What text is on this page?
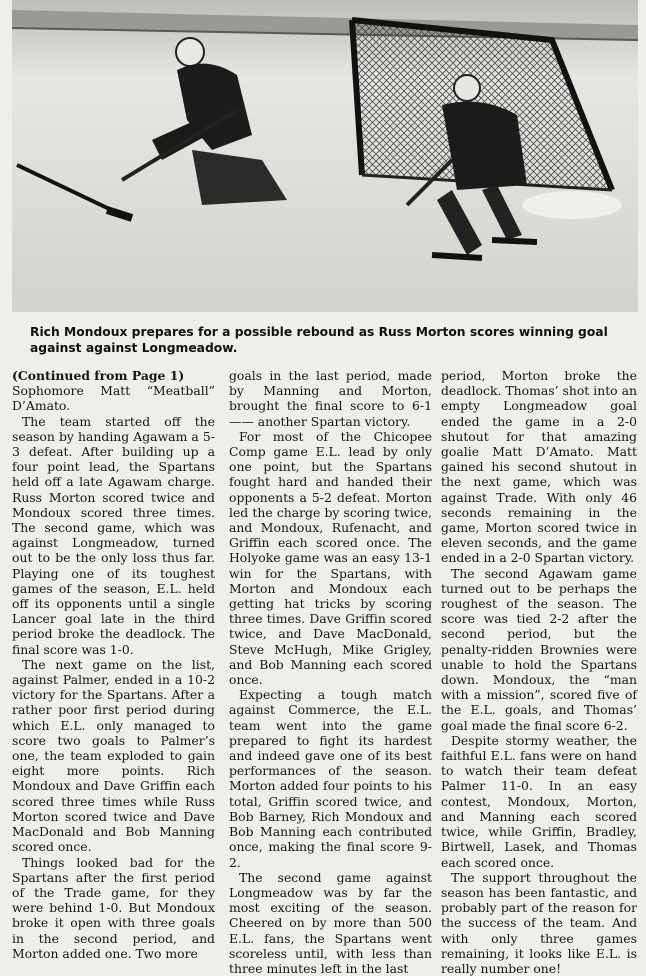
Rich Mondoux prepares for a possible rebound as Russ Morton scores winning goal against against Longmeadow.

(Continued from Page 1)

Sophomore Matt “Meatball” D’Amato.

The team started off the season by handing Agawam a 5-3 defeat. After building up a four point lead, the Spartans held off a late Agawam charge. Russ Morton scored twice and Mondoux scored three times. The second game, which was against Longmeadow, turned out to be the only loss thus far. Playing one of its toughest games of the season, E.L. held off its opponents until a single Lancer goal late in the third period broke the deadlock. The final score was 1-0.

The next game on the list, against Palmer, ended in a 10-2 victory for the Spartans. After a rather poor first period during which E.L. only managed to score two goals to Palmer’s one, the team exploded to gain eight more points. Rich Mondoux and Dave Griffin each scored three times while Russ Morton scored twice and Dave MacDonald and Bob Manning scored once.

Things looked bad for the Spartans after the first period of the Trade game, for they were behind 1-0. But Mondoux broke it open with three goals in the second period, and Morton added one. Two more

goals in the last period, made by Manning and Morton, brought the final score to 6-1 —— another Spartan victory.

For most of the Chicopee Comp game E.L. lead by only one point, but the Spartans fought hard and handed their opponents a 5-2 defeat. Morton led the charge by scoring twice, and Mondoux, Rufenacht, and Griffin each scored once. The Holyoke game was an easy 13-1 win for the Spartans, with Morton and Mondoux each getting hat tricks by scoring three times. Dave Griffin scored twice, and Dave MacDonald, Steve McHugh, Mike Grigley, and Bob Manning each scored once.

Expecting a tough match against Commerce, the E.L. team went into the game prepared to fight its hardest and indeed gave one of its best performances of the season. Morton added four points to his total, Griffin scored twice, and Bob Barney, Rich Mondoux and Bob Manning each contributed once, making the final score 9-2.

The second game against Longmeadow was by far the most exciting of the season. Cheered on by more than 500 E.L. fans, the Spartans went scoreless until, with less than three minutes left in the last

period, Morton broke the deadlock. Thomas’ shot into an empty Longmeadow goal ended the game in a 2-0 shutout for that amazing goalie Matt D’Amato. Matt gained his second shutout in the next game, which was against Trade. With only 46 seconds remaining in the game, Morton scored twice in eleven seconds, and the game ended in a 2-0 Spartan victory.

The second Agawam game turned out to be perhaps the roughest of the season. The score was tied 2-2 after the second period, but the penalty-ridden Brownies were unable to hold the Spartans down. Mondoux, the “man with a mission”, scored five of the E.L. goals, and Thomas’ goal made the final score 6-2.

Despite stormy weather, the faithful E.L. fans were on hand to watch their team defeat Palmer 11-0. In an easy contest, Mondoux, Morton, and Manning each scored twice, while Griffin, Bradley, Birtwell, Lasek, and Thomas each scored once.

The support throughout the season has been fantastic, and probably part of the reason for the success of the team. And with only three games remaining, it looks like E.L. is really number one!
